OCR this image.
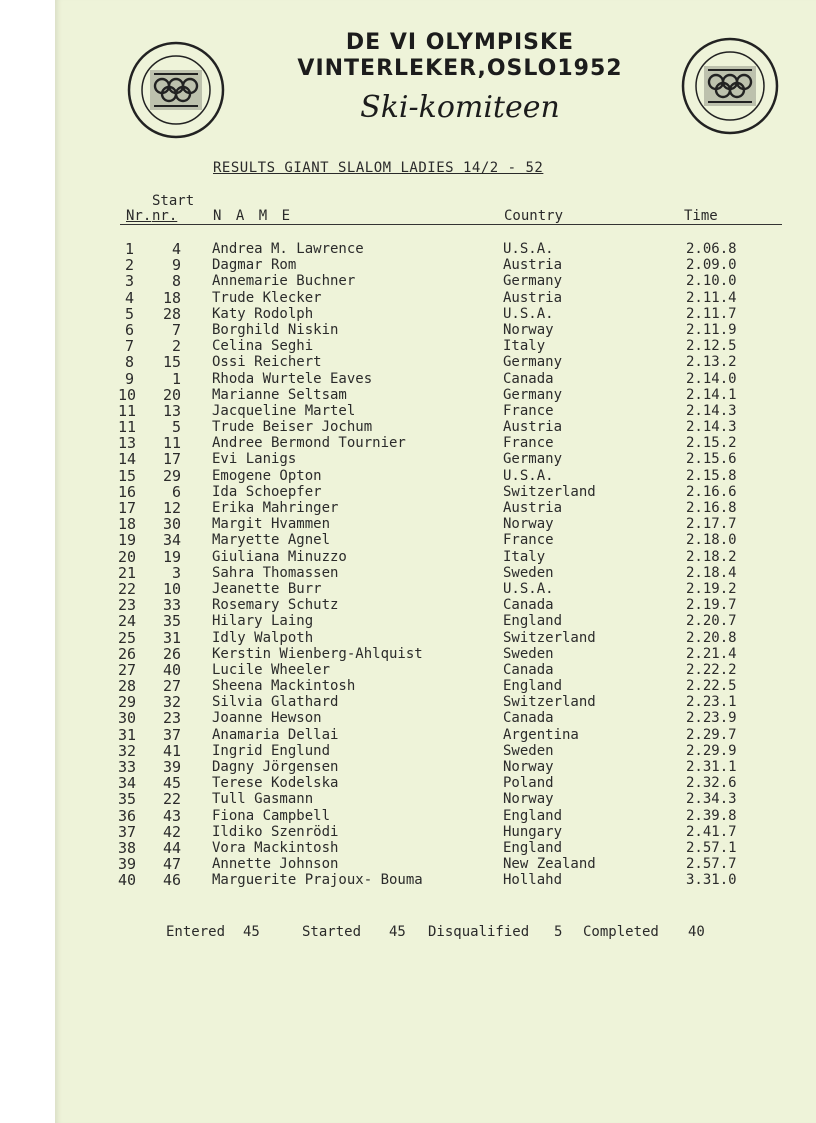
DE VI OLYMPISKE
VINTERLEKER,OSLO1952
Ski-komiteen
RESULTS GIANT SLALOM LADIES 14/2 - 52
Start
Nr. nr.	N A M E	Country	Time
1	4 Andrea M. Lawrence	U.S.A.	2.06.8
2	9 Dagmar Rom	Austria	2.09.0
3	8 Annemarie Buchner	Germany	2.10.0
4	18 Trude Klecker	Austria	2.11.4
5	28 Katy Rodolph	U.S.A.	2.11.7
6	7 Borghild Niskin	Norway	2.11.9
7	2 Celina Seghi	Italy	2.12.5
8	15 Ossi Reichert	Germany	2.13.2
9	1 Rhoda Wurtele Eaves	Canada	2.14.0
10	20 Marianne Seltsam	Germany	2.14.1
11	13 Jacqueline Martel	France	2.14.3
11	5 Trude Beiser Jochum	Austria	2.14.3
13	11 Andree Bermond Tournier	France	2.15.2
14	17 Evi Lanigs	Germany	2.15.6
15	29 Emogene Opton	U.S.A.	2.15.8
16	6 Ida Schoepfer	Switzerland	2.16.6
17	12 Erika Mahringer	Austria	2.16.8
18	30 Margit Hvammen	Norway	2.17.7
19	34 Maryette Agnel	France	2.18.0
20	19 Giuliana Minuzzo	Italy	2.18.2
21	3 Sahra Thomassen	Sweden	2.18.4
22	10 Jeanette Burr	U.S.A.	2.19.2
23	33 Rosemary Schutz	Canada	2.19.7
24	35 Hilary Laing	England	2.20.7
25	31 Idly Walpoth	Switzerland	2.20.8
26	26 Kerstin Wienberg-Ahlquist	Sweden	2.21.4
27	40 Lucile Wheeler	Canada	2.22.2
28	27 Sheena Mackintosh	England	2.22.5
29	32 Silvia Glathard	Switzerland	2.23.1
30	23 Joanne Hewson	Canada	2.23.9
31	37 Anamaria Dellai	Argentina	2.29.7
32	41 Ingrid Englund	Sweden	2.29.9
33	39 Dagny Jörgensen	Norway	2.31.1
34	45 Terese Kodelska	Poland	2.32.6
35	22 Tull Gasmann	Norway	2.34.3
36	43 Fiona Campbell	England	2.39.8
37	42 Ildiko Szenrödi	Hungary	2.41.7
38	44 Vora Mackintosh	England	2.57.1
39	47 Annette Johnson	New Zealand	2.57.7
40	46 Marguerite Prajoux- Bouma	Hollahd	3.31.0
Entered 45	Started 45 Disqualified 5 Completed 40
